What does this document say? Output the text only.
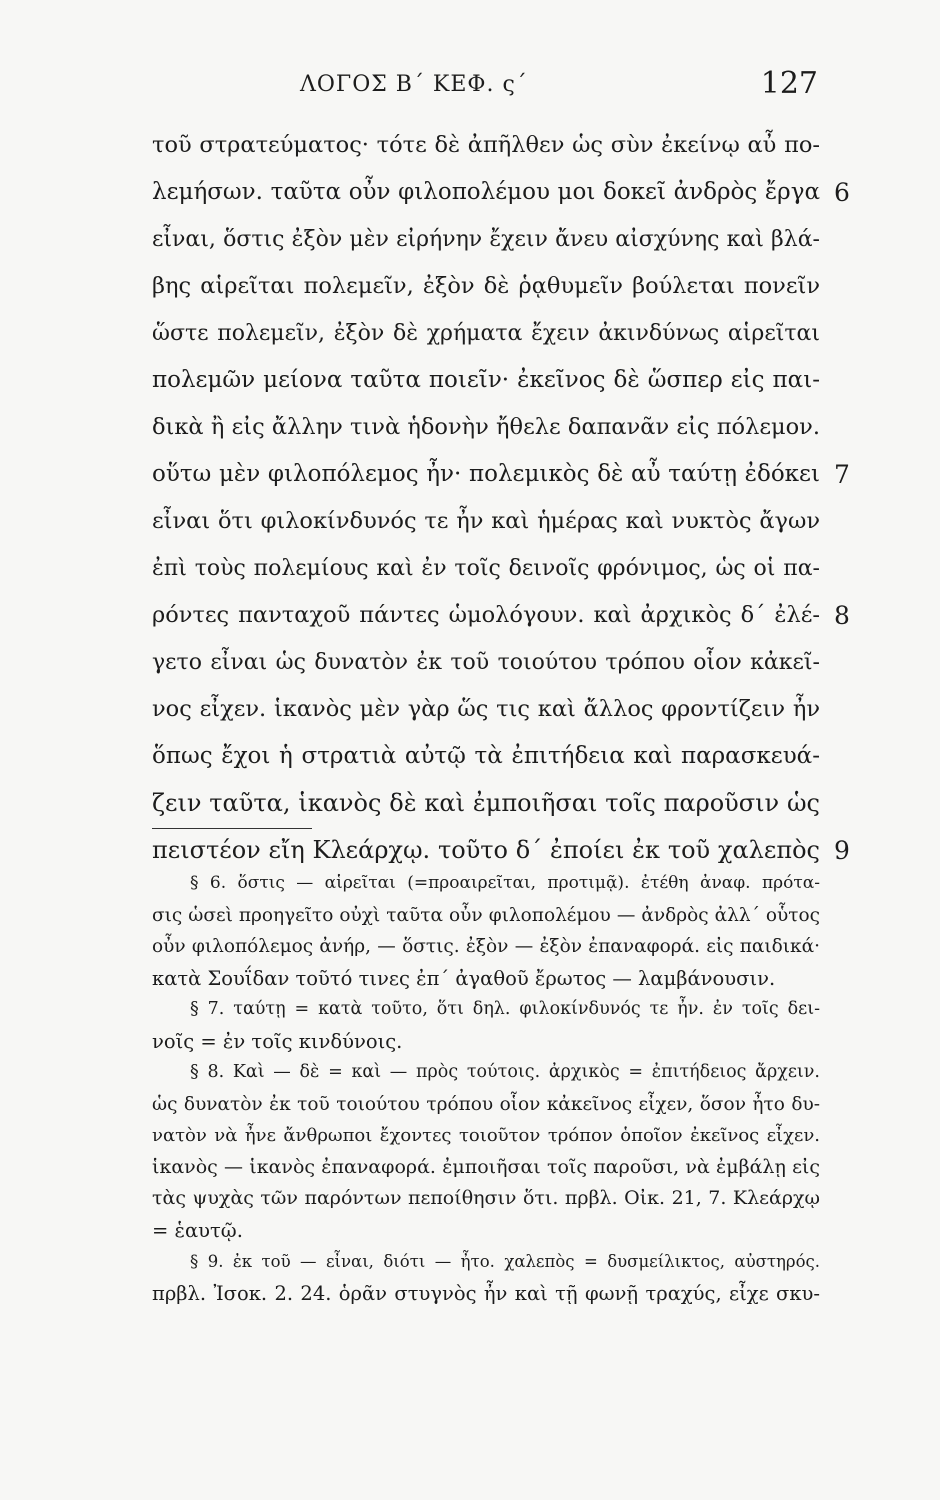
ΛΟΓΟΣ Β΄ ΚΕΦ. ς΄	127
τοῦ στρατεύματος· τότε δὲ ἀπῆλθεν ὡς σὺν ἐκείνῳ αὖ πο-
λεμήσων. ταῦτα οὖν φιλοπολέμου μοι δοκεῖ ἀνδρὸς ἔργα 6
εἶναι, ὅστις ἐξὸν μὲν εἰρήνην ἔχειν ἄνευ αἰσχύνης καὶ βλά-
βης αἱρεῖται πολεμεῖν, ἐξὸν δὲ ῥᾳθυμεῖν βούλεται πονεῖν
ὥστε πολεμεῖν, ἐξὸν δὲ χρήματα ἔχειν ἀκινδύνως αἱρεῖται
πολεμῶν μείονα ταῦτα ποιεῖν· ἐκεῖνος δὲ ὥσπερ εἰς παι-
δικὰ ἢ εἰς ἄλλην τινὰ ἡδονὴν ἤθελε δαπανᾶν εἰς πόλεμον.
οὕτω μὲν φιλοπόλεμος ἦν· πολεμικὸς δὲ αὖ ταύτῃ ἐδόκει 7
εἶναι ὅτι φιλοκίνδυνός τε ἦν καὶ ἡμέρας καὶ νυκτὸς ἄγων
ἐπὶ τοὺς πολεμίους καὶ ἐν τοῖς δεινοῖς φρόνιμος, ὡς οἱ πα-
ρόντες πανταχοῦ πάντες ὡμολόγουν. καὶ ἀρχικὸς δ΄ ἐλέ- 8
γετο εἶναι ὡς δυνατὸν ἐκ τοῦ τοιούτου τρόπου οἷον κἀκεῖ-
νος εἶχεν. ἱκανὸς μὲν γὰρ ὥς τις καὶ ἄλλος φροντίζειν ἦν
ὅπως ἔχοι ἡ στρατιὰ αὐτῷ τὰ ἐπιτήδεια καὶ παρασκευά-
ζειν ταῦτα, ἱκανὸς δὲ καὶ ἐμποιῆσαι τοῖς παροῦσιν ὡς
πειστέον εἴη Κλεάρχῳ. τοῦτο δ΄ ἐποίει ἐκ τοῦ χαλεπὸς 9
§ 6. ὅστις — αἱρεῖται (=προαιρεῖται, προτιμᾷ). ἐτέθη ἀναφ. πρότα-
σις ὡσεὶ προηγεῖτο οὐχὶ ταῦτα οὖν φιλοπολέμου — ἀνδρὸς ἀλλ΄ οὗτος
οὖν φιλοπόλεμος ἀνήρ, — ὅστις. ἐξὸν — ἐξὸν ἐπαναφορά. εἰς παιδικά·
κατὰ Σουΐδαν τοῦτό τινες ἐπ΄ ἀγαθοῦ ἔρωτος — λαμβάνουσιν.
§ 7. ταύτῃ = κατὰ τοῦτο, ὅτι δηλ. φιλοκίνδυνός τε ἦν. ἐν τοῖς δει-
νοῖς = ἐν τοῖς κινδύνοις.
§ 8. Καὶ — δὲ = καὶ — πρὸς τούτοις. ἀρχικὸς = ἐπιτήδειος ἄρχειν.
ὡς δυνατὸν ἐκ τοῦ τοιούτου τρόπου οἷον κἀκεῖνος εἶχεν, ὅσον ἦτο δυ-
νατὸν νὰ ἦνε ἄνθρωποι ἔχοντες τοιοῦτον τρόπον ὁποῖον ἐκεῖνος εἶχεν.
ἱκανὸς — ἱκανὸς ἐπαναφορά. ἐμποιῆσαι τοῖς παροῦσι, νὰ ἐμβάλῃ εἰς
τὰς ψυχὰς τῶν παρόντων πεποίθησιν ὅτι. πρβλ. Οἰκ. 21, 7. Κλεάρχῳ
= ἑαυτῷ.
§ 9. ἐκ τοῦ — εἶναι, διότι — ἦτο. χαλεπὸς = δυσμείλικτος, αὐστηρός.
πρβλ. Ἰσοκ. 2. 24. ὁρᾶν στυγνὸς ἦν καὶ τῇ φωνῇ τραχύς, εἶχε σκυ-
